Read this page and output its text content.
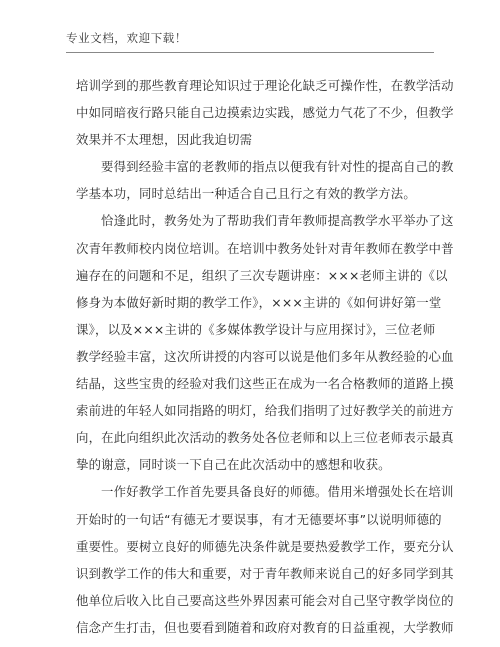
专业文档，欢迎下载！
培训学到的那些教育理论知识过于理论化缺乏可操作性，在教学活动
中如同暗夜行路只能自己边摸索边实践，感觉力气花了不少，但教学
效果并不太理想，因此我迫切需
要得到经验丰富的老教师的指点以便我有针对性的提高自己的教
学基本功，同时总结出一种适合自己且行之有效的教学方法。
恰逢此时，教务处为了帮助我们青年教师提高教学水平举办了这
次青年教师校内岗位培训。在培训中教务处针对青年教师在教学中普
遍存在的问题和不足，组织了三次专题讲座：×××老师主讲的《以
修身为本做好新时期的教学工作》，×××主讲的《如何讲好第一堂
课》，以及×××主讲的《多媒体教学设计与应用探讨》，三位老师
教学经验丰富，这次所讲授的内容可以说是他们多年从教经验的心血
结晶，这些宝贵的经验对我们这些正在成为一名合格教师的道路上摸
索前进的年轻人如同指路的明灯，给我们指明了过好教学关的前进方
向，在此向组织此次活动的教务处各位老师和以上三位老师表示最真
挚的谢意，同时谈一下自己在此次活动中的感想和收获。
一作好教学工作首先要具备良好的师德。借用米增强处长在培训
开始时的一句话“有德无才要误事，有才无德要坏事”以说明师德的
重要性。要树立良好的师德先决条件就是要热爱教学工作，要充分认
识到教学工作的伟大和重要，对于青年教师来说自己的好多同学到其
他单位后收入比自己要高这些外界因素可能会对自己坚守教学岗位的
信念产生打击，但也要看到随着和政府对教育的日益重视，大学教师
